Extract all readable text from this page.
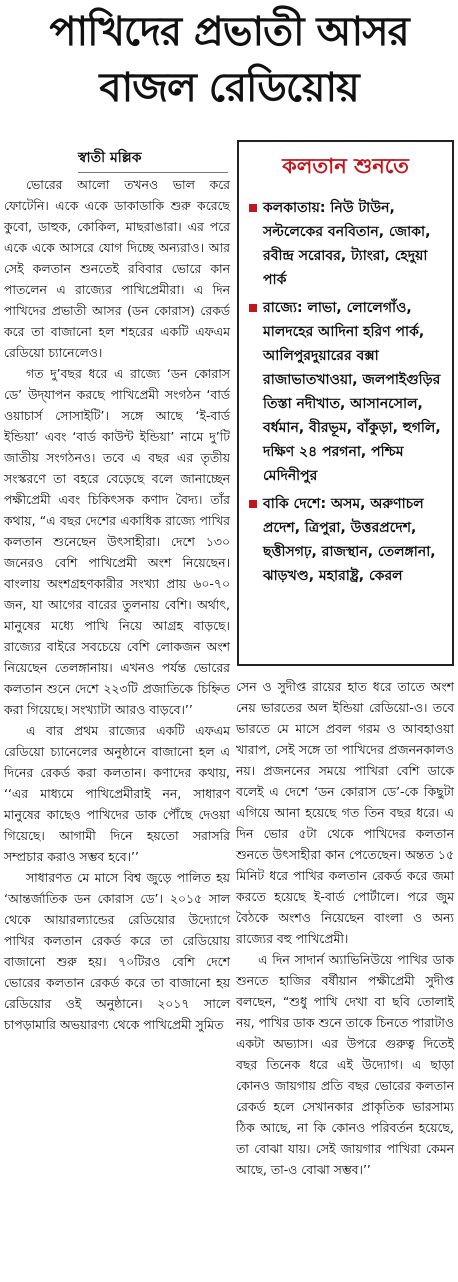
পাখিদের প্রভাতী আসর
বাজল রেডিয়োয়
স্বাতী মল্লিক

ভোরের আলো তখনও ভাল করে ফোটেনি। একে একে ডাকাডাকি শুরু করেছে কুবো, ডাহুক, কোকিল, মাছরাঙারা। এর পরে একে একে আসরে যোগ দিচ্ছে অন্যরাও। আর সেই কলতান শুনতেই রবিবার ভোরে কান পাতলেন এ রাজ্যের পাখিপ্রেমীরা। এ দিন পাখিদের প্রভাতী আসর (ডন কোরাস) রেকর্ড করে তা বাজানো হল শহরের একটি এফএম রেডিয়ো চ্যানেলেও।

গত দু’বছর ধরে এ রাজ্যে ‘ডন কোরাস ডে’ উদ্‌যাপন করছে পাখিপ্রেমী সংগঠন ‘বার্ড ওয়াচার্স সোসাইটি’। সঙ্গে আছে ‘ই-বার্ড ইন্ডিয়া’ এবং ‘বার্ড কাউন্ট ইন্ডিয়া’ নামে দু’টি জাতীয় সংগঠনও। তবে এ বছর এর তৃতীয় সংস্করণে তা বহরে বেড়েছে বলে জানাচ্ছেন পক্ষীপ্রেমী এবং চিকিৎসক কণাদ বৈদ্য। তাঁর কথায়, “এ বছর দেশের একাধিক রাজ্যে পাখির কলতান শুনেছেন উৎসাহীরা। দেশে ১৩০ জনেরও বেশি পাখিপ্রেমী অংশ নিয়েছেন। বাংলায় অংশগ্রহণকারীর সংখ্যা প্রায় ৬০-৭০ জন, যা আগের বারের তুলনায় বেশি। অর্থাৎ, মানুষের মধ্যে পাখি নিয়ে আগ্রহ বাড়ছে। রাজ্যের বাইরে সবচেয়ে বেশি লোকজন অংশ নিয়েছেন তেলঙ্গানায়। এখনও পর্যন্ত ভোরের কলতান শুনে দেশে ২২৩টি প্রজাতিকে চিহ্নিত করা গিয়েছে। সংখ্যাটা আরও বাড়বে।’’

এ বার প্রথম রাজ্যের একটি এফএম রেডিয়ো চ্যানেলের অনুষ্ঠানে বাজানো হল এ দিনের রেকর্ড করা কলতান। কণাদের কথায়, ‘‘এর মাধ্যমে পাখিপ্রেমীরাই নন, সাধারণ মানুষের কাছেও পাখিদের ডাক পৌঁছে দেওয়া গিয়েছে। আগামী দিনে হয়তো সরাসরি সম্প্রচার করাও সম্ভব হবে।’’

সাধারণত মে মাসে বিশ্ব জুড়ে পালিত হয় ‘আন্তর্জাতিক ডন কোরাস ডে’। ২০১৫ সাল থেকে আয়ারল্যান্ডের রেডিয়োর উদ্যোগে পাখির কলতান রেকর্ড করে তা রেডিয়োয় বাজানো শুরু হয়। ৭০টিরও বেশি দেশে ভোরের কলতান রেকর্ড করে তা বাজানো হয় রেডিয়োর ওই অনুষ্ঠানে। ২০১৭ সালে চাপড়ামারি অভয়ারণ্য থেকে পাখিপ্রেমী সুমিত

কলতান শুনতে
কলকাতায়: নিউ টাউন, সল্টলেকের বনবিতান, জোকা, রবীন্দ্র সরোবর, ট্যাংরা, হেদুয়া পার্ক
রাজ্যে: লাভা, লোলেগাঁও, মালদহের আদিনা হরিণ পার্ক, আলিপুরদুয়ারের বক্সা রাজাভাতখাওয়া, জলপাইগুড়ির তিস্তা নদীখাত, আসানসোল, বর্ধমান, বীরভূম, বাঁকুড়া, হুগলি, দক্ষিণ ২৪ পরগনা, পশ্চিম মেদিনীপুর
বাকি দেশে: অসম, অরুণাচল প্রদেশ, ত্রিপুরা, উত্তরপ্রদেশ, ছত্তীসগঢ়, রাজস্থান, তেলঙ্গানা, ঝাড়খণ্ড, মহারাষ্ট্র, কেরল

সেন ও সুদীপ্ত রায়ের হাত ধরে তাতে অংশ নেয় ভারতের অল ইন্ডিয়া রেডিয়ো-ও। তবে ভারতে মে মাসে প্রবল গরম ও আবহাওয়া খারাপ, সেই সঙ্গে তা পাখিদের প্রজননকালও নয়। প্রজননের সময়ে পাখিরা বেশি ডাকে বলেই এ দেশে ‘ডন কোরাস ডে’-কে কিছুটা এগিয়ে আনা হয়েছে গত তিন বছর ধরে। এ দিন ভোর ৫টা থেকে পাখিদের কলতান শুনতে উৎসাহীরা কান পেতেছেন। অন্তত ১৫ মিনিট ধরে পাখির কলতান রেকর্ড করে জমা করতে হয়েছে ই-বার্ড পোর্টালে। পরে জুম বৈঠকে অংশও নিয়েছেন বাংলা ও অন্য রাজ্যের বহু পাখিপ্রেমী।

এ দিন সাদার্ন অ্যাভিনিউয়ে পাখির ডাক শুনতে হাজির বর্ষীয়ান পক্ষীপ্রেমী সুদীপ্ত বলছেন, “শুধু পাখি দেখা বা ছবি তোলাই নয়, পাখির ডাক শুনে তাকে চিনতে পারাটাও একটা অভ্যাস। এর উপরে গুরুত্ব দিতেই বছর তিনেক ধরে এই উদ্যোগ। এ ছাড়া কোনও জায়গায় প্রতি বছর ভোরের কলতান রেকর্ড হলে সেখানকার প্রাকৃতিক ভারসাম্য ঠিক আছে, না কি কোনও পরিবর্তন হয়েছে, তা বোঝা যায়। সেই জায়গার পাখিরা কেমন আছে, তা-ও বোঝা সম্ভব।’’
